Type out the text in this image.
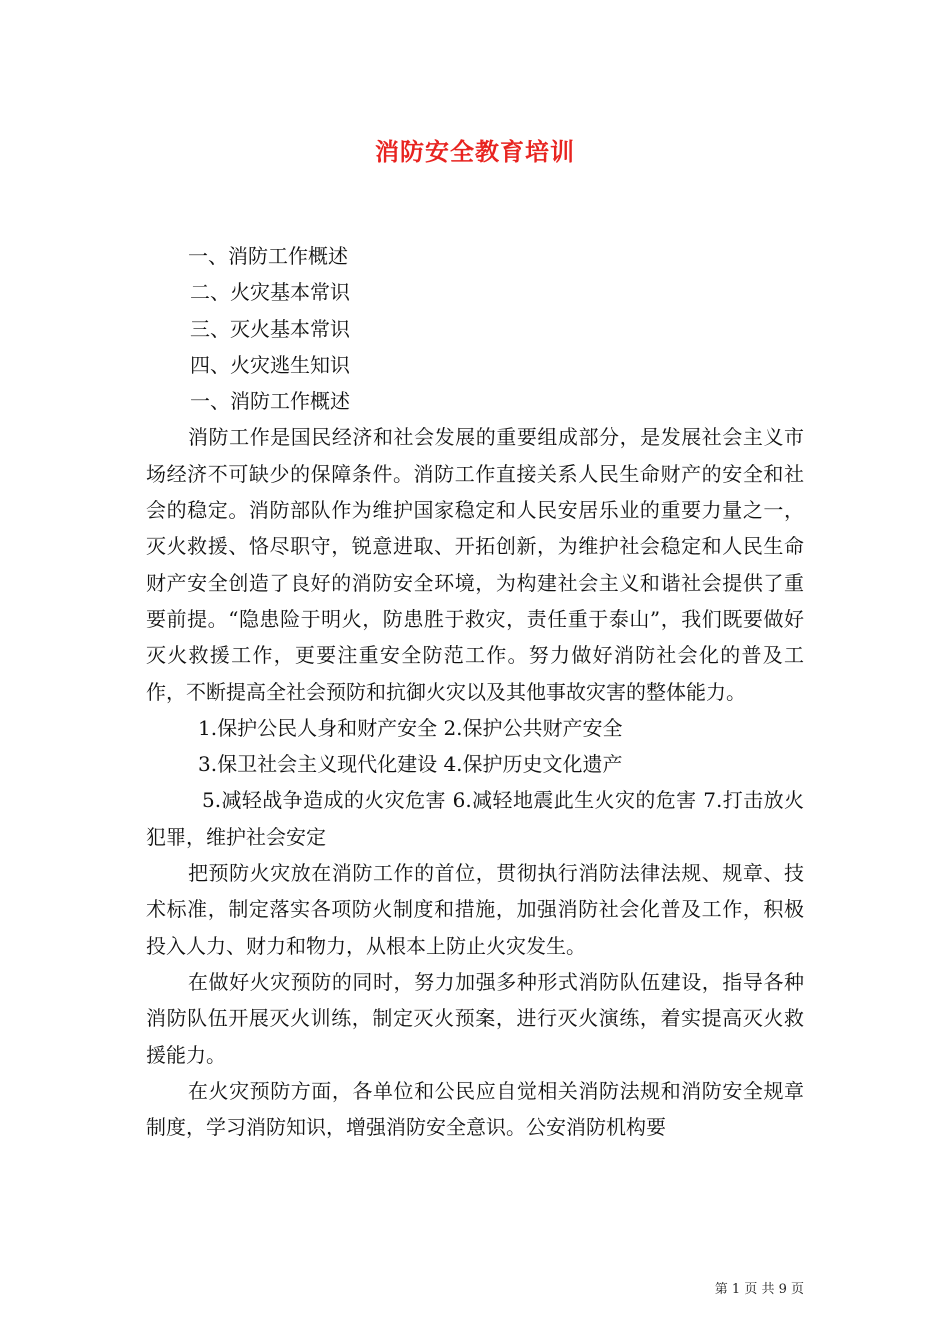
消防安全教育培训

一、消防工作概述

二、火灾基本常识

三、灭火基本常识

四、火灾逃生知识

一、消防工作概述

消防工作是国民经济和社会发展的重要组成部分，是发展社会主义市场经济不可缺少的保障条件。消防工作直接关系人民生命财产的安全和社会的稳定。消防部队作为维护国家稳定和人民安居乐业的重要力量之一，灭火救援、恪尽职守，锐意进取、开拓创新，为维护社会稳定和人民生命财产安全创造了良好的消防安全环境，为构建社会主义和谐社会提供了重要前提。“隐患险于明火，防患胜于救灾，责任重于泰山”，我们既要做好灭火救援工作，更要注重安全防范工作。努力做好消防社会化的普及工作，不断提高全社会预防和抗御火灾以及其他事故灾害的整体能力。

1.保护公民人身和财产安全 2.保护公共财产安全

3.保卫社会主义现代化建设 4.保护历史文化遗产

5.减轻战争造成的火灾危害 6.减轻地震此生火灾的危害 7.打击放火犯罪，维护社会安定

把预防火灾放在消防工作的首位，贯彻执行消防法律法规、规章、技术标准，制定落实各项防火制度和措施，加强消防社会化普及工作，积极投入人力、财力和物力，从根本上防止火灾发生。

在做好火灾预防的同时，努力加强多种形式消防队伍建设，指导各种消防队伍开展灭火训练，制定灭火预案，进行灭火演练，着实提高灭火救援能力。

在火灾预防方面，各单位和公民应自觉相关消防法规和消防安全规章制度，学习消防知识，增强消防安全意识。公安消防机构要

第 1 页 共 9 页
